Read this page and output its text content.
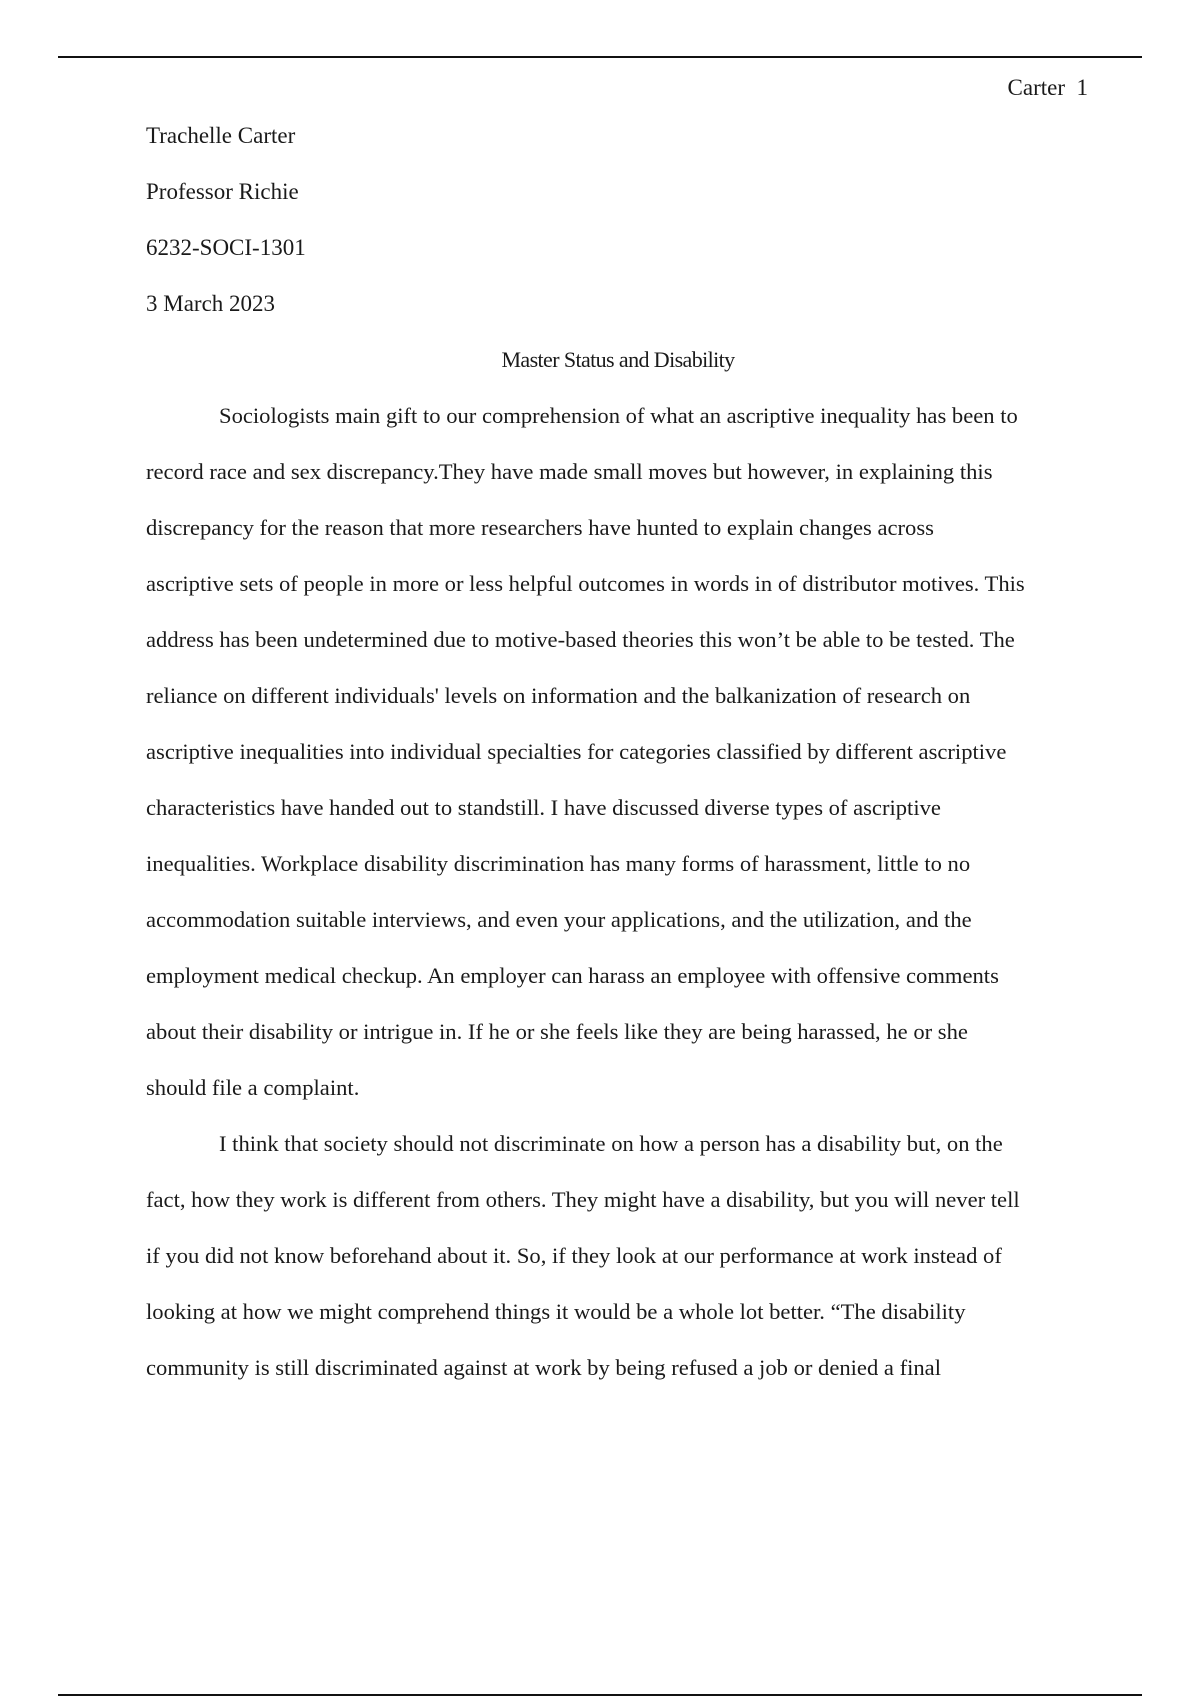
Carter  1
Trachelle Carter
Professor Richie
6232-SOCI-1301
3 March 2023
Master Status and Disability
Sociologists main gift to our comprehension of what an ascriptive inequality has been to
record race and sex discrepancy.They have made small moves but however, in explaining this
discrepancy for the reason that more researchers have hunted to explain changes across
ascriptive sets of people in more or less helpful outcomes in words in of distributor motives. This
address has been undetermined due to motive-based theories this won’t be able to be tested. The
reliance on different individuals' levels on information and the balkanization of research on
ascriptive inequalities into individual specialties for categories classified by different ascriptive
characteristics have handed out to standstill. I have discussed diverse types of ascriptive
inequalities. Workplace disability discrimination has many forms of harassment, little to no
accommodation suitable interviews, and even your applications, and the utilization, and the
employment medical checkup. An employer can harass an employee with offensive comments
about their disability or intrigue in. If he or she feels like they are being harassed, he or she
should file a complaint.
I think that society should not discriminate on how a person has a disability but, on the
fact, how they work is different from others. They might have a disability, but you will never tell
if you did not know beforehand about it. So, if they look at our performance at work instead of
looking at how we might comprehend things it would be a whole lot better. “The disability
community is still discriminated against at work by being refused a job or denied a final
